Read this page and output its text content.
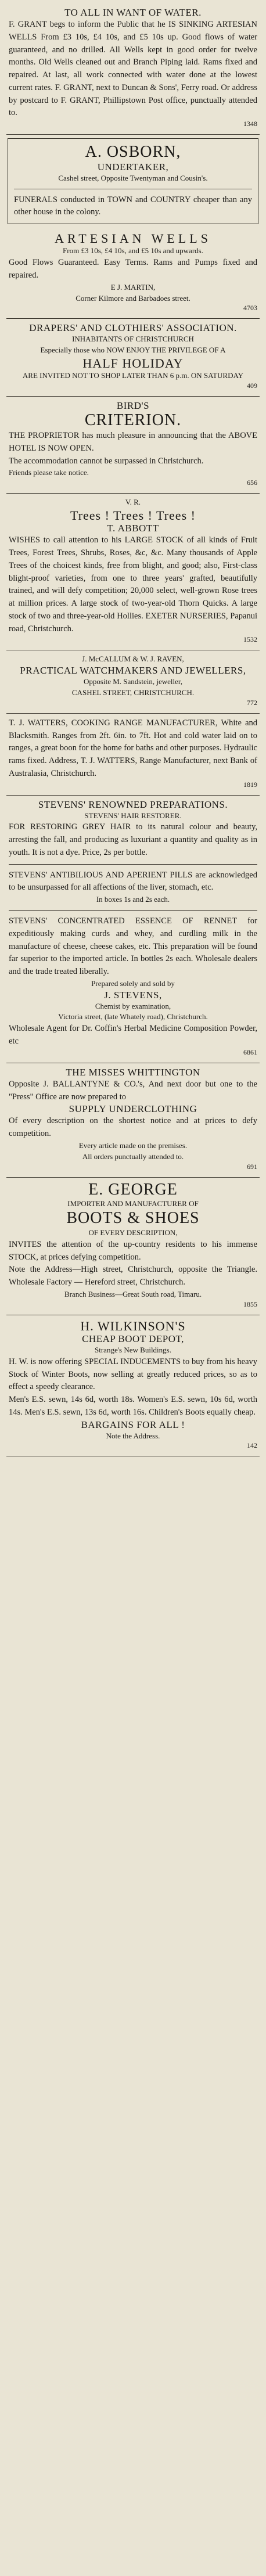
TO ALL IN WANT OF WATER.
F. GRANT begs to inform the Public that he IS SINKING ARTESIAN WELLS From £3 10s, £4 10s, and £5 10s up. Good flows of water guaranteed, and no drilled. All Wells kept in good order for twelve months. Old Wells cleaned out and Branch Piping laid. Rams fixed and repaired. At last, all work connected with water done at the lowest current rates. F. GRANT, next to Duncan & Sons', Ferry road. Or address by postcard to F. GRANT, Phillipstown Post office, punctually attended to.
1348
A. OSBORN,
UNDERTAKER,
Cashel street, Opposite Twentyman and Cousin's.
FUNERALS conducted in TOWN and COUNTRY cheaper than any other house in the colony.
ARTESIAN WELLS
From £3 10s, £4 10s, and £5 10s and upwards.
Good Flows Guaranteed. Easy Terms. Rams and Pumps fixed and repaired.
E J. MARTIN,
Corner Kilmore and Barbadoes street.
4703
DRAPERS' AND CLOTHIERS' ASSOCIATION.
INHABITANTS OF CHRISTCHURCH
Especially those who NOW ENJOY THE PRIVILEGE OF A
HALF HOLIDAY
ARE INVITED NOT TO SHOP LATER THAN 6 p.m. ON SATURDAY
409
BIRD'S
CRITERION.
THE PROPRIETOR has much pleasure in announcing that the ABOVE HOTEL IS NOW OPEN.
The accommodation cannot be surpassed in Christchurch.
Friends please take notice.
656
V. R.
Trees ! Trees ! Trees !
T. ABBOTT
WISHES to call attention to his LARGE STOCK of all kinds of Fruit Trees, Forest Trees, Shrubs, Roses, &c, &c. Many thousands of Apple Trees of the choicest kinds, free from blight, and good; also, First-class blight-proof varieties, from one to three years' grafted, beautifully trained, and will defy competition; 20,000 select, well-grown Rose trees at million prices. A large stock of two-year-old Thorn Quicks. A large stock of two and three-year-old Hollies. EXETER NURSERIES, Papanui road, Christchurch.
1532
J. McCALLUM & W. J. RAVEN,
PRACTICAL WATCHMAKERS AND JEWELLERS,
Opposite M. Sandstein, jeweller,
CASHEL STREET, CHRISTCHURCH.
772
T. J. WATTERS, COOKING RANGE MANUFACTURER, White and Blacksmith. Ranges from 2ft. 6in. to 7ft. Hot and cold water laid on to ranges, a great boon for the home for baths and other purposes. Hydraulic rams fixed. Address, T. J. WATTERS, Range Manufacturer, next Bank of Australasia, Christchurch.
1819
STEVENS' RENOWNED PREPARATIONS.
STEVENS' HAIR RESTORER.
FOR RESTORING GREY HAIR to its natural colour and beauty, arresting the fall, and producing as luxuriant a quantity and quality as in youth. It is not a dye. Price, 2s per bottle.
STEVENS' ANTIBILIOUS AND APERIENT PILLS are acknowledged to be unsurpassed for all affections of the liver, stomach, etc.
In boxes 1s and 2s each.
STEVENS' CONCENTRATED ESSENCE OF RENNET for expeditiously making curds and whey, and curdling milk in the manufacture of cheese, cheese cakes, etc. This preparation will be found far superior to the imported article. In bottles 2s each. Wholesale dealers and the trade treated liberally.
Prepared solely and sold by
J. STEVENS,
Chemist by examination,
Victoria street, (late Whately road), Christchurch.
Wholesale Agent for Dr. Coffin's Herbal Medicine Composition Powder, etc
6861
THE MISSES WHITTINGTON
Opposite J. BALLANTYNE & CO.'s, And next door but one to the "Press" Office are now prepared to
SUPPLY UNDERCLOTHING
Of every description on the shortest notice and at prices to defy competition.
Every article made on the premises.
All orders punctually attended to.
691
E. GEORGE
IMPORTER AND MANUFACTURER OF
BOOTS & SHOES
OF EVERY DESCRIPTION,
INVITES the attention of the up-country residents to his immense STOCK, at prices defying competition.
Note the Address—High street, Christchurch, opposite the Triangle. Wholesale Factory — Hereford street, Christchurch.
Branch Business—Great South road, Timaru.
1855
H. WILKINSON'S
CHEAP BOOT DEPOT,
Strange's New Buildings.
H. W. is now offering SPECIAL INDUCEMENTS to buy from his heavy Stock of Winter Boots, now selling at greatly reduced prices, so as to effect a speedy clearance.
Men's E.S. sewn, 14s 6d, worth 18s. Women's E.S. sewn, 10s 6d, worth 14s. Men's E.S. sewn, 13s 6d, worth 16s. Children's Boots equally cheap.
BARGAINS FOR ALL !
Note the Address.
142
